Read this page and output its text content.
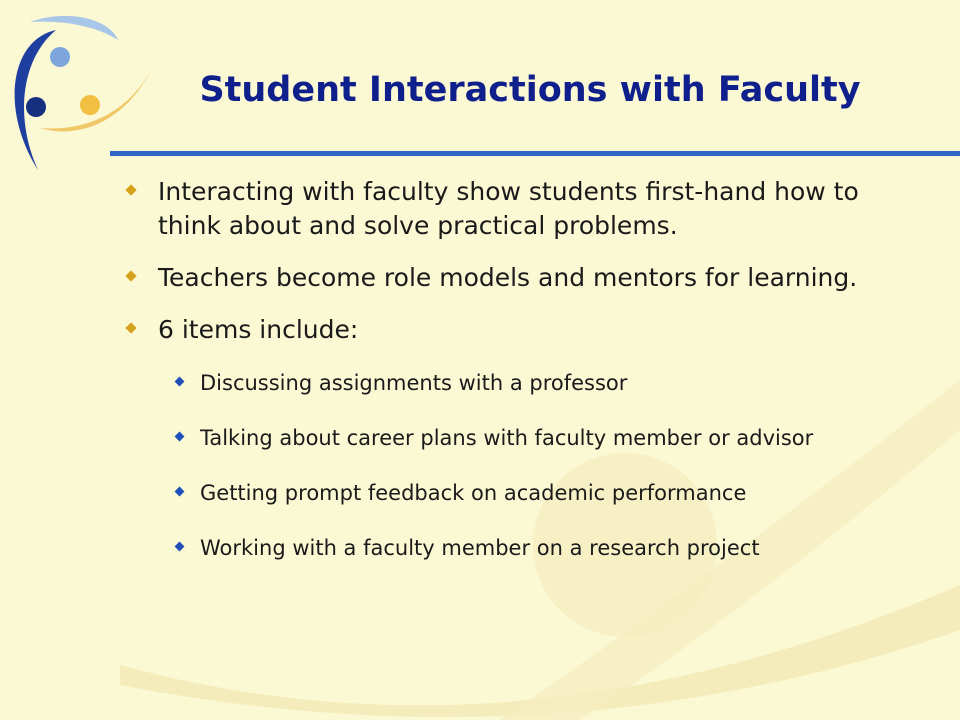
Student Interactions with Faculty
Interacting with faculty show students first-hand how to think about and solve practical problems.
Teachers become role models and mentors for learning.
6 items include:
Discussing assignments with a professor
Talking about career plans with faculty member or advisor
Getting prompt feedback on academic performance
Working with a faculty member on a research project
